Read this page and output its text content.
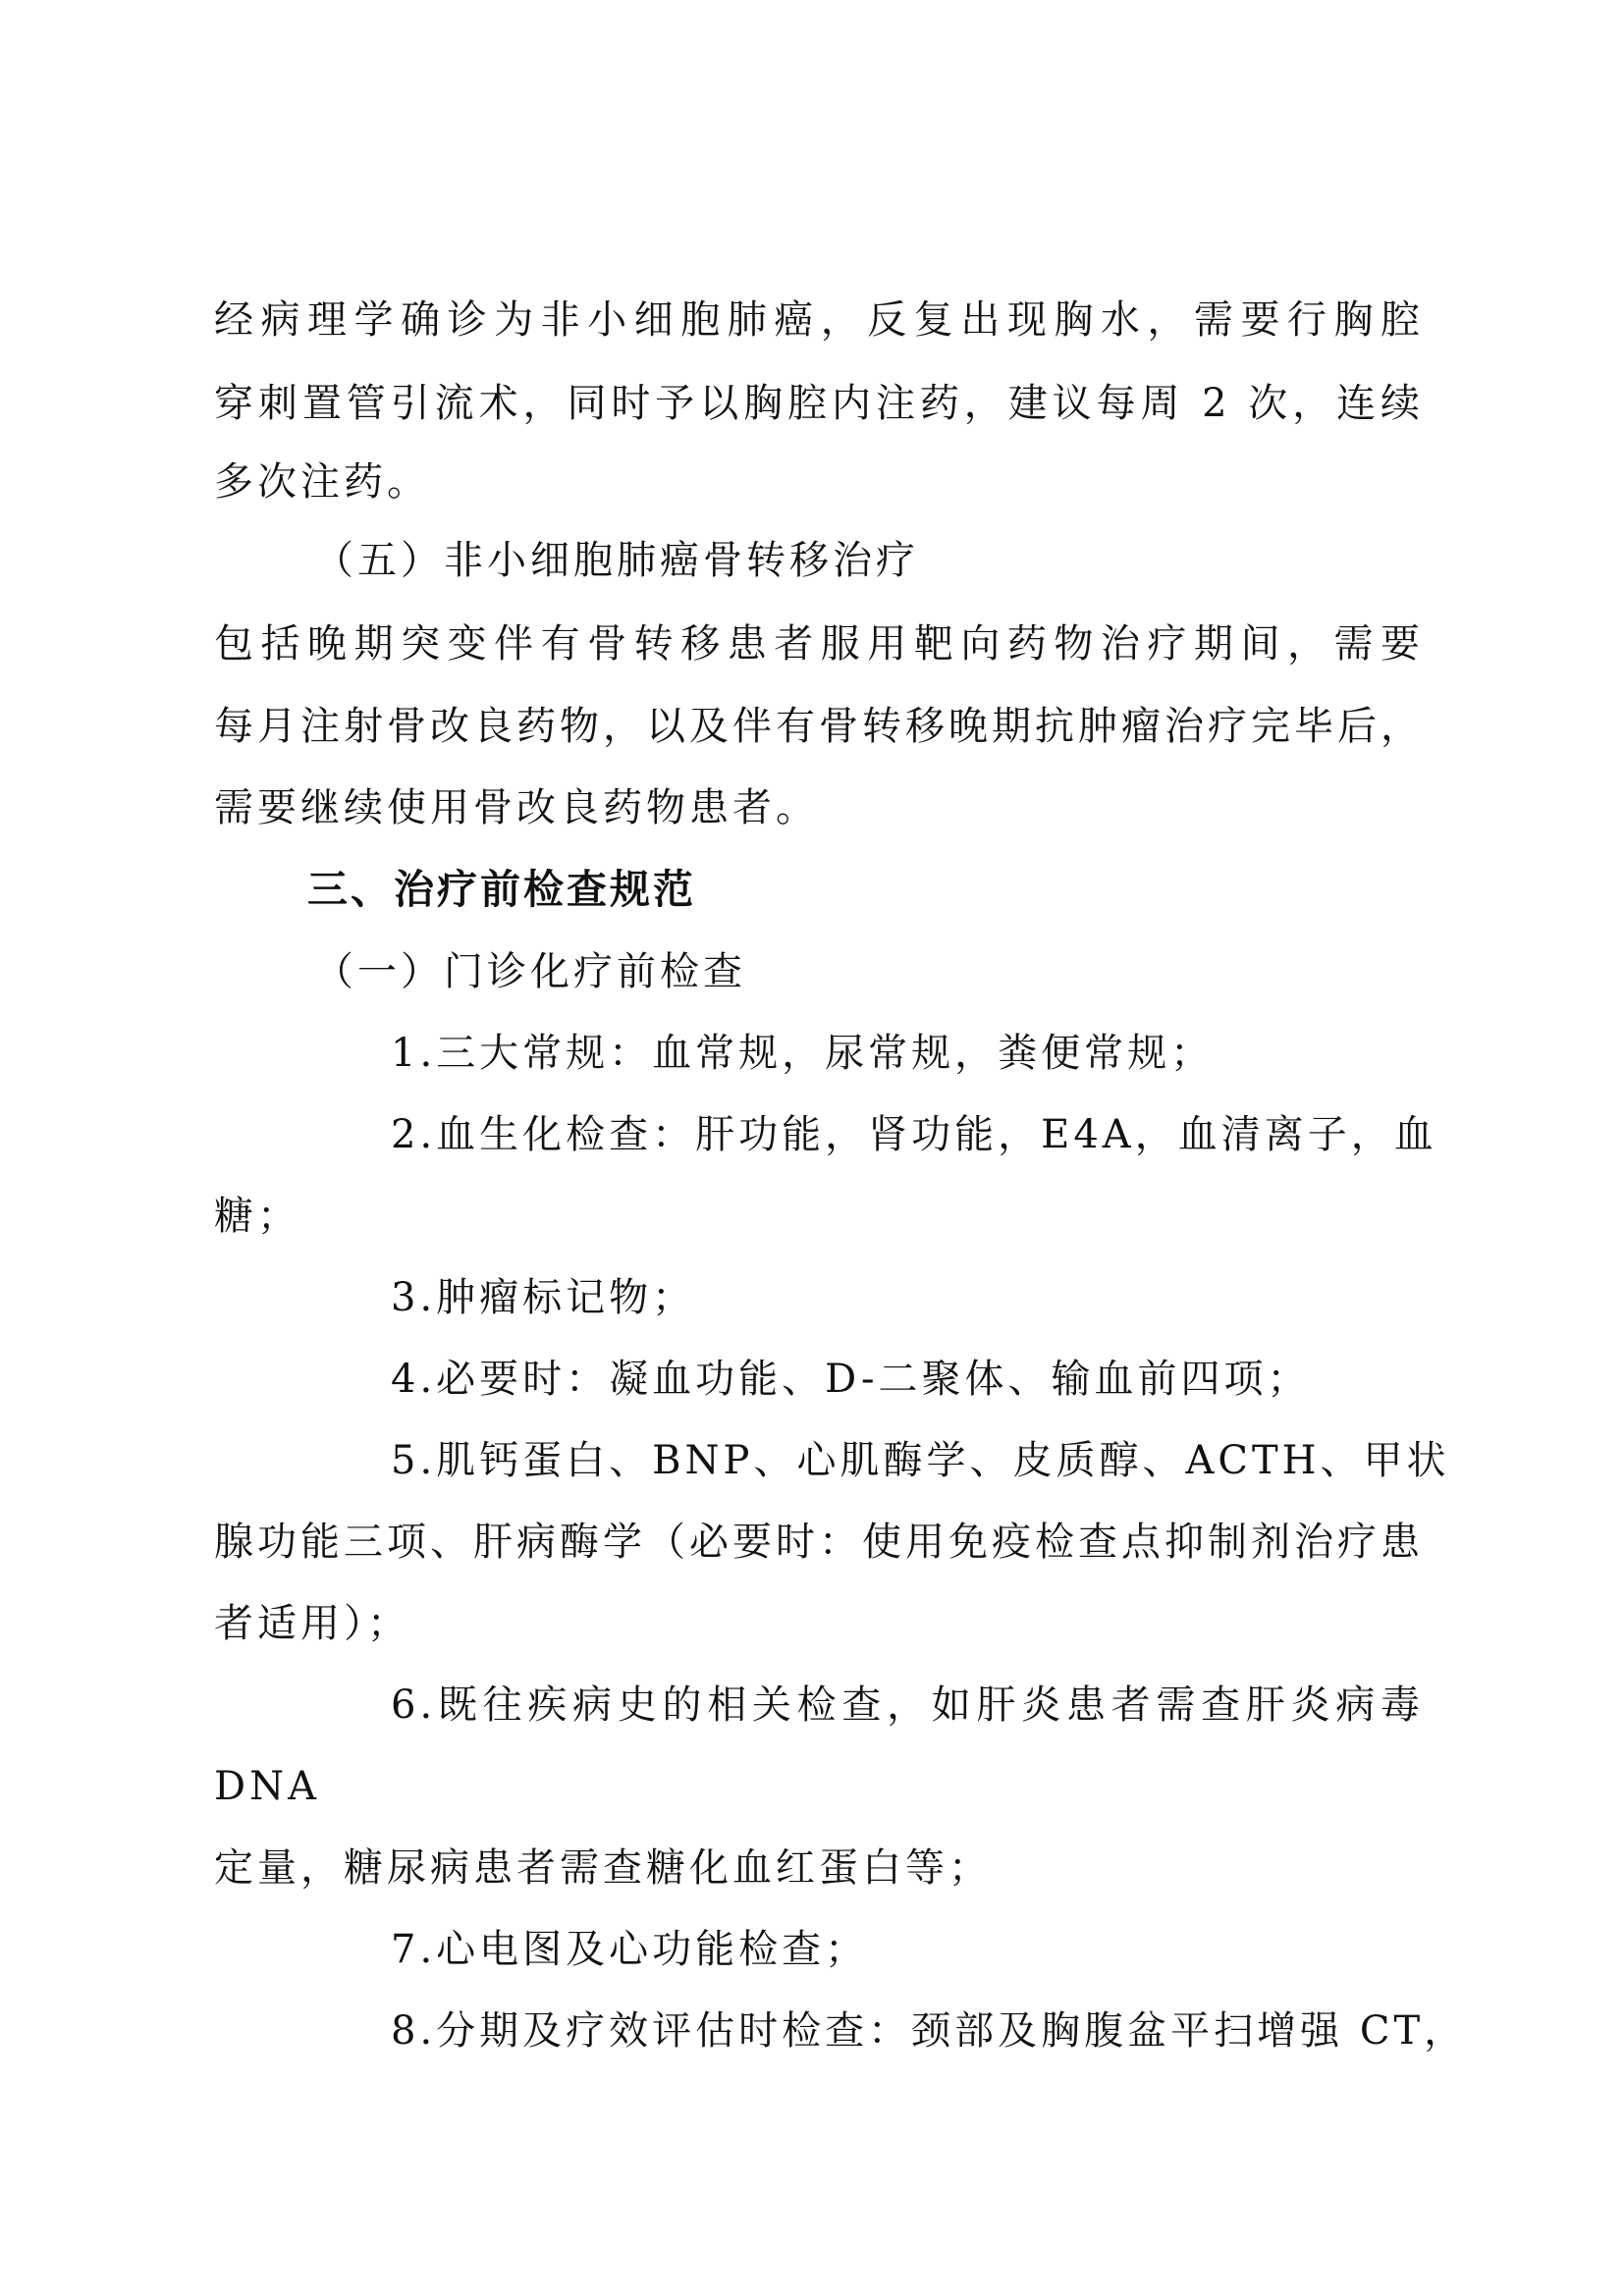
经病理学确诊为非小细胞肺癌，反复出现胸水，需要行胸腔
穿刺置管引流术，同时予以胸腔内注药，建议每周 2 次，连续
多次注药。
（五）非小细胞肺癌骨转移治疗
包括晚期突变伴有骨转移患者服用靶向药物治疗期间，需要
每月注射骨改良药物，以及伴有骨转移晚期抗肿瘤治疗完毕后，
需要继续使用骨改良药物患者。
三、治疗前检查规范
（一）门诊化疗前检查
1.三大常规：血常规，尿常规，粪便常规；
2.血生化检查：肝功能，肾功能，E4A，血清离子，血
糖；
3.肿瘤标记物；
4.必要时：凝血功能、D-二聚体、输血前四项；
5.肌钙蛋白、BNP、心肌酶学、皮质醇、ACTH、甲状
腺功能三项、肝病酶学（必要时：使用免疫检查点抑制剂治疗患
者适用）；
6.既往疾病史的相关检查，如肝炎患者需查肝炎病毒
DNA
定量，糖尿病患者需查糖化血红蛋白等；
7.心电图及心功能检查；
8.分期及疗效评估时检查：颈部及胸腹盆平扫增强 CT，
